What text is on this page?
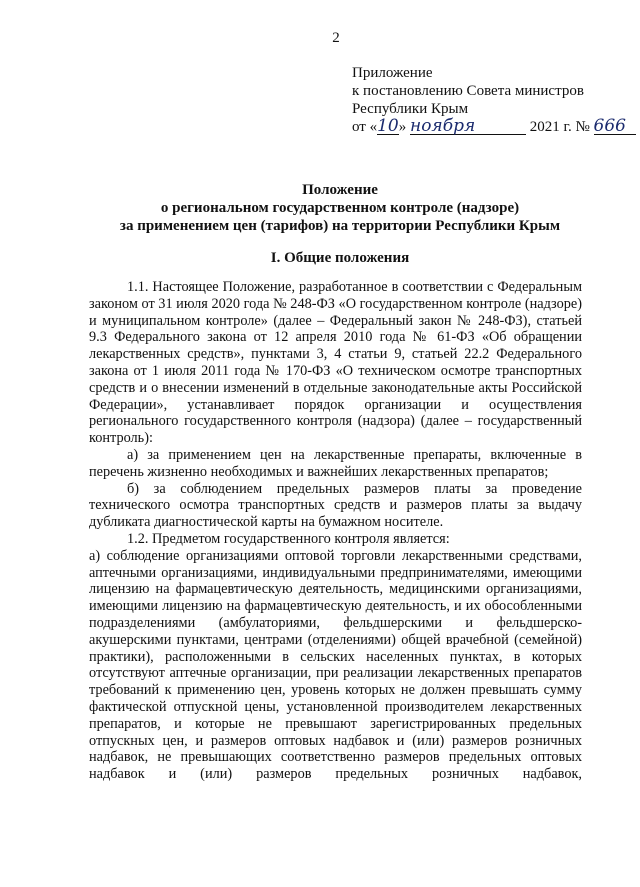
2
Приложение
к постановлению Совета министров
Республики Крым
от «10» ноября	2021 г. № 666
Положение
о региональном государственном контроле (надзоре)
за применением цен (тарифов) на территории Республики Крым
I. Общие положения

1.1. Настоящее Положение, разработанное в соответствии с Федеральным законом от 31 июля 2020 года № 248-ФЗ «О государственном контроле (надзоре) и муниципальном контроле» (далее – Федеральный закон № 248-ФЗ), статьей 9.3 Федерального закона от 12 апреля 2010 года № 61-ФЗ «Об обращении лекарственных средств», пунктами 3, 4 статьи 9, статьей 22.2 Федерального закона от 1 июля 2011 года № 170-ФЗ «О техническом осмотре транспортных средств и о внесении изменений в отдельные законодательные акты Российской Федерации», устанавливает порядок организации и осуществления регионального государственного контроля (надзора) (далее – государственный контроль):

а) за применением цен на лекарственные препараты, включенные в перечень жизненно необходимых и важнейших лекарственных препаратов;

б) за соблюдением предельных размеров платы за проведение технического осмотра транспортных средств и размеров платы за выдачу дубликата диагностической карты на бумажном носителе.

1.2. Предметом государственного контроля является:

а) соблюдение организациями оптовой торговли лекарственными средствами, аптечными организациями, индивидуальными предпринимателями, имеющими лицензию на фармацевтическую деятельность, медицинскими организациями, имеющими лицензию на фармацевтическую деятельность, и их обособленными подразделениями (амбулаториями, фельдшерскими и фельдшерско-акушерскими пунктами, центрами (отделениями) общей врачебной (семейной) практики), расположенными в сельских населенных пунктах, в которых отсутствуют аптечные организации, при реализации лекарственных препаратов требований к применению цен, уровень которых не должен превышать сумму фактической отпускной цены, установленной производителем лекарственных препаратов, и которые не превышают зарегистрированных предельных отпускных цен, и размеров оптовых надбавок и (или) размеров розничных надбавок, не превышающих соответственно размеров предельных оптовых надбавок и (или) размеров предельных розничных надбавок,
